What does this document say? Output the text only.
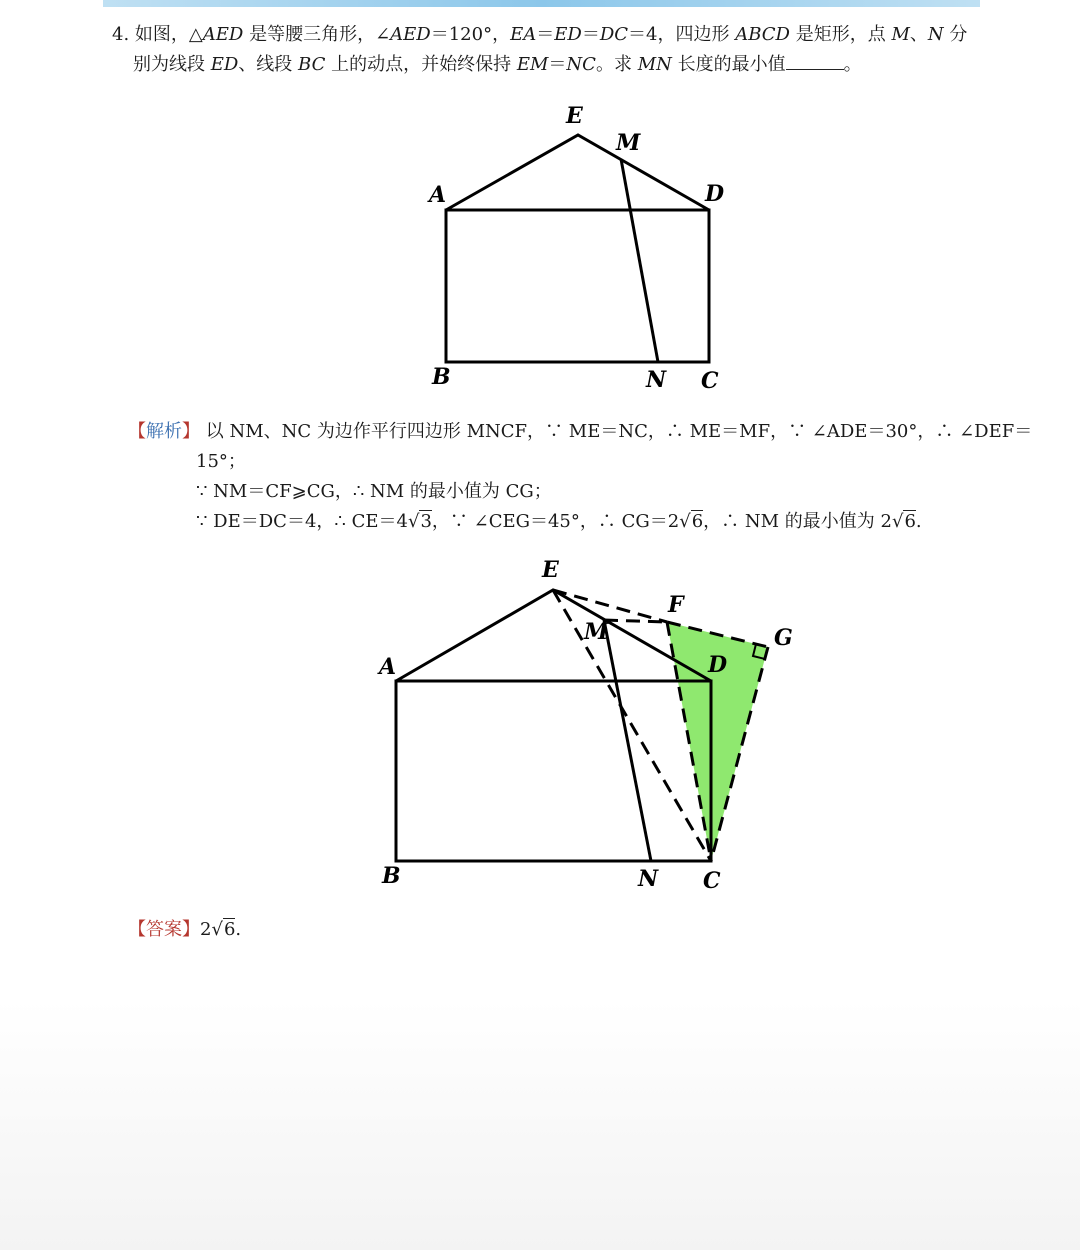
4. 如图，△AED 是等腰三角形，∠AED＝120°，EA＝ED＝DC＝4，四边形 ABCD 是矩形，点 M、N 分
别为线段 ED、线段 BC 上的动点，并始终保持 EM＝NC。求 MN 长度的最小值	。
E
M
A	D
B	N C
【解析】 以 NM、NC 为边作平行四边形 MNCF，∵ ME＝NC，∴ ME＝MF，∵ ∠ADE＝30°，∴ ∠DEF＝
15°；
∵ NM＝CF⩾CG，∴ NM 的最小值为 CG；
∵ DE＝DC＝4，∴ CE＝4√3，∵ ∠CEG＝45°，∴ CG＝2√6，∴ NM 的最小值为 2√6.
E
F
M	G
A	D
B	N C
【答案】2√6.
